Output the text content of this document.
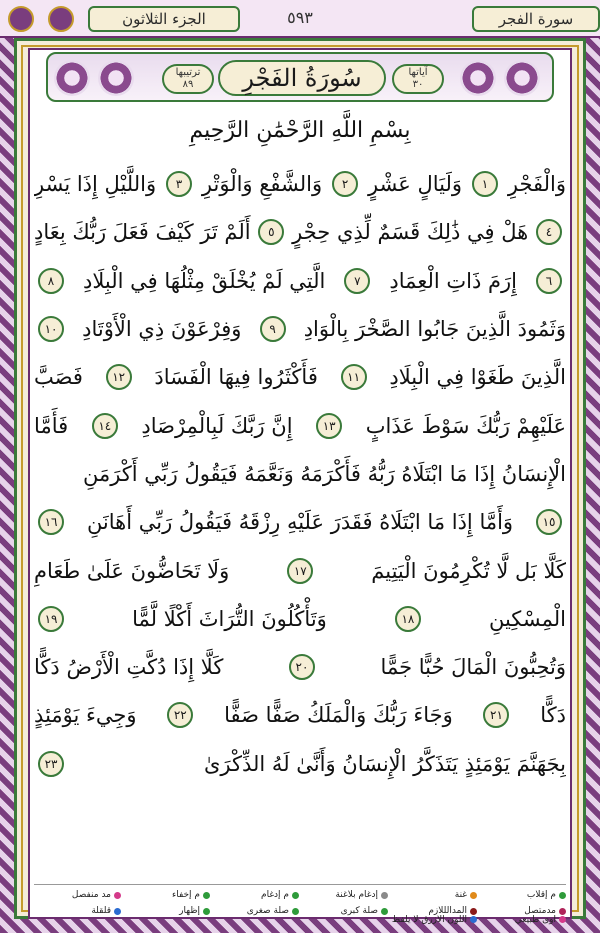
الجزء الثلاثون	٥٩٣	سورة الفجر
ترتيبها
٨٩	سُورَةُ الفَجْرِ	آياتها
٣٠
بِسْمِ اللَّهِ الرَّحْمَٰنِ الرَّحِيمِ
وَالْفَجْرِ
١
وَلَيَالٍ عَشْرٍ
٢
وَالشَّفْعِ وَالْوَتْرِ
٣
وَاللَّيْلِ إِذَا يَسْرِ
٤
هَلْ فِي ذَٰلِكَ قَسَمٌ لِّذِي حِجْرٍ
٥
أَلَمْ تَرَ كَيْفَ فَعَلَ رَبُّكَ بِعَادٍ
٦
إِرَمَ ذَاتِ الْعِمَادِ
٧
الَّتِي لَمْ يُخْلَقْ مِثْلُهَا فِي الْبِلَادِ
٨
وَثَمُودَ الَّذِينَ جَابُوا الصَّخْرَ بِالْوَادِ
٩
وَفِرْعَوْنَ ذِي الْأَوْتَادِ
١٠
الَّذِينَ طَغَوْا فِي الْبِلَادِ
١١
فَأَكْثَرُوا فِيهَا الْفَسَادَ
١٢
فَصَبَّ
عَلَيْهِمْ رَبُّكَ سَوْطَ عَذَابٍ
١٣
إِنَّ رَبَّكَ لَبِالْمِرْصَادِ
١٤
فَأَمَّا
الْإِنسَانُ إِذَا مَا ابْتَلَاهُ رَبُّهُ فَأَكْرَمَهُ وَنَعَّمَهُ فَيَقُولُ رَبِّي أَكْرَمَنِ
١٥
وَأَمَّا إِذَا مَا ابْتَلَاهُ فَقَدَرَ عَلَيْهِ رِزْقَهُ فَيَقُولُ رَبِّي أَهَانَنِ
١٦
كَلَّا بَل لَّا تُكْرِمُونَ الْيَتِيمَ
١٧
وَلَا تَحَاضُّونَ عَلَىٰ طَعَامِ
الْمِسْكِينِ
١٨
وَتَأْكُلُونَ التُّرَاثَ أَكْلًا لَّمًّا
١٩
وَتُحِبُّونَ الْمَالَ حُبًّا جَمًّا
٢٠
كَلَّا إِذَا دُكَّتِ الْأَرْضُ دَكًّا
دَكًّا
٢١
وَجَاءَ رَبُّكَ وَالْمَلَكُ صَفًّا صَفًّا
٢٢
وَجِيءَ يَوْمَئِذٍ
بِجَهَنَّمَ يَوْمَئِذٍ يَتَذَكَّرُ الْإِنسَانُ وَأَنَّىٰ لَهُ الذِّكْرَىٰ
٢٣
م إقلاب
غنة
إدغام بلاغنة
م إدغام
م إخفاء
مد منفصل
مدمتصل
المدالللازم
صلة كبرى
صلة صغرى
إظهار
قلقلة
اوى طبيعي
اللون الأزرق لا يلفظ
